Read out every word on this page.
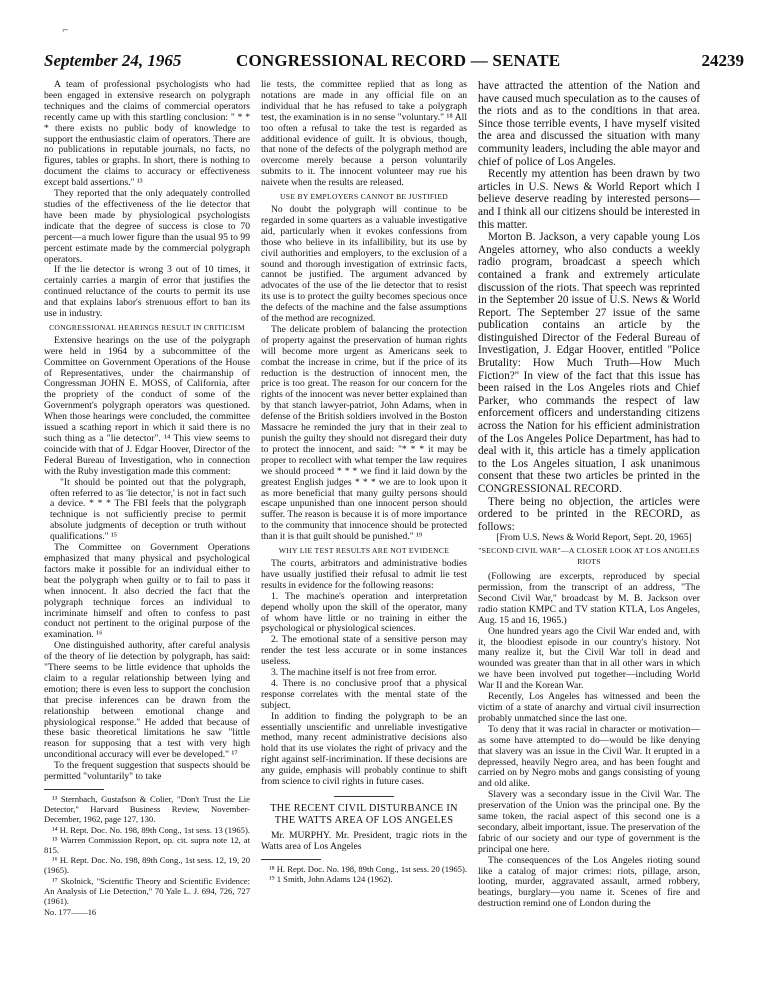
⌐
September 24, 1965	CONGRESSIONAL RECORD — SENATE	24239

A team of professional psychologists who had been engaged in extensive research on polygraph techniques and the claims of commercial operators recently came up with this startling conclusion: " * * * there exists no public body of knowledge to support the enthusiastic claim of operators. There are no publications in reputable journals, no facts, no figures, tables or graphs. In short, there is nothing to document the claims to accuracy or effectiveness except bald assertions." ¹³

They reported that the only adequately controlled studies of the effectiveness of the lie detector that have been made by physiological psychologists indicate that the degree of success is close to 70 percent—a much lower figure than the usual 95 to 99 percent estimate made by the commercial polygraph operators.

If the lie detector is wrong 3 out of 10 times, it certainly carries a margin of error that justifies the continued reluctance of the courts to permit its use and that explains labor's strenuous effort to ban its use in industry.

CONGRESSIONAL HEARINGS RESULT IN CRITICISM

Extensive hearings on the use of the polygraph were held in 1964 by a subcommittee of the Committee on Government Operations of the House of Representatives, under the chairmanship of Congressman JOHN E. MOSS, of California, after the propriety of the conduct of some of the Government's polygraph operators was questioned. When those hearings were concluded, the committee issued a scathing report in which it said there is no such thing as a "lie detector". ¹⁴ This view seems to coincide with that of J. Edgar Hoover, Director of the Federal Bureau of Investigation, who in connection with the Ruby investigation made this comment:

"It should be pointed out that the polygraph, often referred to as 'lie detector,' is not in fact such a device. * * * The FBI feels that the polygraph technique is not sufficiently precise to permit absolute judgments of deception or truth without qualifications." ¹⁵

The Committee on Government Operations emphasized that many physical and psychological factors make it possible for an individual either to beat the polygraph when guilty or to fail to pass it when innocent. It also decried the fact that the polygraph technique forces an individual to incriminate himself and often to confess to past conduct not pertinent to the original purpose of the examination. ¹⁶

One distinguished authority, after careful analysis of the theory of lie detection by polygraph, has said: "There seems to be little evidence that upholds the claim to a regular relationship between lying and emotion; there is even less to support the conclusion that precise inferences can be drawn from the relationship between emotional change and physiological response." He added that because of these basic theoretical limitations he saw "little reason for supposing that a test with very high unconditional accuracy will ever be developed." ¹⁷

To the frequent suggestion that suspects should be permitted "voluntarily" to take

¹³ Sternbach, Gustafson & Colier, "Don't Trust the Lie Detector," Harvard Business Review, November-December, 1962, page 127, 130.

¹⁴ H. Rept. Doc. No. 198, 89th Cong., 1st sess. 13 (1965).

¹⁵ Warren Commission Report, op. cit. supra note 12, at 815.

¹⁶ H. Rept. Doc. No. 198, 89th Cong., 1st sess. 12, 19, 20 (1965).

¹⁷ Skolnick, "Scientific Theory and Scientific Evidence: An Analysis of Lie Detection," 70 Yale L. J. 694, 726, 727 (1961).

No. 177——16

lie tests, the committee replied that as long as notations are made in any official file on an individual that he has refused to take a polygraph test, the examination is in no sense "voluntary." ¹⁸ All too often a refusal to take the test is regarded as additional evidence of guilt. It is obvious, though, that none of the defects of the polygraph method are overcome merely because a person voluntarily submits to it. The innocent volunteer may rue his naivete when the results are released.

USE BY EMPLOYERS CANNOT BE JUSTIFIED

No doubt the polygraph will continue to be regarded in some quarters as a valuable investigative aid, particularly when it evokes confessions from those who believe in its infallibility, but its use by civil authorities and employers, to the exclusion of a sound and thorough investigation of extrinsic facts, cannot be justified. The argument advanced by advocates of the use of the lie detector that to resist its use is to protect the guilty becomes specious once the defects of the machine and the false assumptions of the method are recognized.

The delicate problem of balancing the protection of property against the preservation of human rights will become more urgent as Americans seek to combat the increase in crime, but if the price of its reduction is the destruction of innocent men, the price is too great. The reason for our concern for the rights of the innocent was never better explained than by that stanch lawyer-patriot, John Adams, when in defense of the British soldiers involved in the Boston Massacre he reminded the jury that in their zeal to punish the guilty they should not disregard their duty to protect the innocent, and said: "* * * it may be proper to recollect with what temper the law requires we should proceed * * * we find it laid down by the greatest English judges * * * we are to look upon it as more beneficial that many guilty persons should escape unpunished than one innocent person should suffer. The reason is because it is of more importance to the community that innocence should be protected than it is that guilt should be punished." ¹⁹

WHY LIE TEST RESULTS ARE NOT EVIDENCE

The courts, arbitrators and administrative bodies have usually justified their refusal to admit lie test results in evidence for the following reasons:

1. The machine's operation and interpretation depend wholly upon the skill of the operator, many of whom have little or no training in either the psychological or physiological sciences.

2. The emotional state of a sensitive person may render the test less accurate or in some instances useless.

3. The machine itself is not free from error.

4. There is no conclusive proof that a physical response correlates with the mental state of the subject.

In addition to finding the polygraph to be an essentially unscientific and unreliable investigative method, many recent administrative decisions also hold that its use violates the right of privacy and the right against self-incrimination. If these decisions are any guide, emphasis will probably continue to shift from science to civil rights in future cases.

THE RECENT CIVIL DISTURBANCE IN THE WATTS AREA OF LOS ANGELES

Mr. MURPHY. Mr. President, tragic riots in the Watts area of Los Angeles

¹⁸ H. Rept. Doc. No. 198, 89th Cong., 1st sess. 20 (1965).

¹⁹ 1 Smith, John Adams 124 (1962).

have attracted the attention of the Nation and have caused much speculation as to the causes of the riots and as to the conditions in that area. Since those terrible events, I have myself visited the area and discussed the situation with many community leaders, including the able mayor and chief of police of Los Angeles.

Recently my attention has been drawn by two articles in U.S. News & World Report which I believe deserve reading by interested persons—and I think all our citizens should be interested in this matter.

Morton B. Jackson, a very capable young Los Angeles attorney, who also conducts a weekly radio program, broadcast a speech which contained a frank and extremely articulate discussion of the riots. That speech was reprinted in the September 20 issue of U.S. News & World Report. The September 27 issue of the same publication contains an article by the distinguished Director of the Federal Bureau of Investigation, J. Edgar Hoover, entitled "Police Brutality: How Much Truth—How Much Fiction?" In view of the fact that this issue has been raised in the Los Angeles riots and Chief Parker, who commands the respect of law enforcement officers and understanding citizens across the Nation for his efficient administration of the Los Angeles Police Department, has had to deal with it, this article has a timely application to the Los Angeles situation, I ask unanimous consent that these two articles be printed in the CONGRESSIONAL RECORD.

There being no objection, the articles were ordered to be printed in the RECORD, as follows:

[From U.S. News & World Report, Sept. 20, 1965]

"SECOND CIVIL WAR"—A CLOSER LOOK AT LOS ANGELES RIOTS

(Following are excerpts, reproduced by special permission, from the transcript of an address, "The Second Civil War," broadcast by M. B. Jackson over radio station KMPC and TV station KTLA, Los Angeles, Aug. 15 and 16, 1965.)

One hundred years ago the Civil War ended and, with it, the bloodiest episode in our country's history. Not many realize it, but the Civil War toll in dead and wounded was greater than that in all other wars in which we have been involved put together—including World War II and the Korean War.

Recently, Los Angeles has witnessed and been the victim of a state of anarchy and virtual civil insurrection probably unmatched since the last one.

To deny that it was racial in character or motivation—as some have attempted to do—would be like denying that slavery was an issue in the Civil War. It erupted in a depressed, heavily Negro area, and has been fought and carried on by Negro mobs and gangs consisting of young and old alike.

Slavery was a secondary issue in the Civil War. The preservation of the Union was the principal one. By the same token, the racial aspect of this second one is a secondary, albeit important, issue. The preservation of the fabric of our society and our type of government is the principal one here.

The consequences of the Los Angeles rioting sound like a catalog of major crimes: riots, pillage, arson, looting, murder, aggravated assault, armed robbery, beatings, burglary—you name it. Scenes of fire and destruction remind one of London during the
